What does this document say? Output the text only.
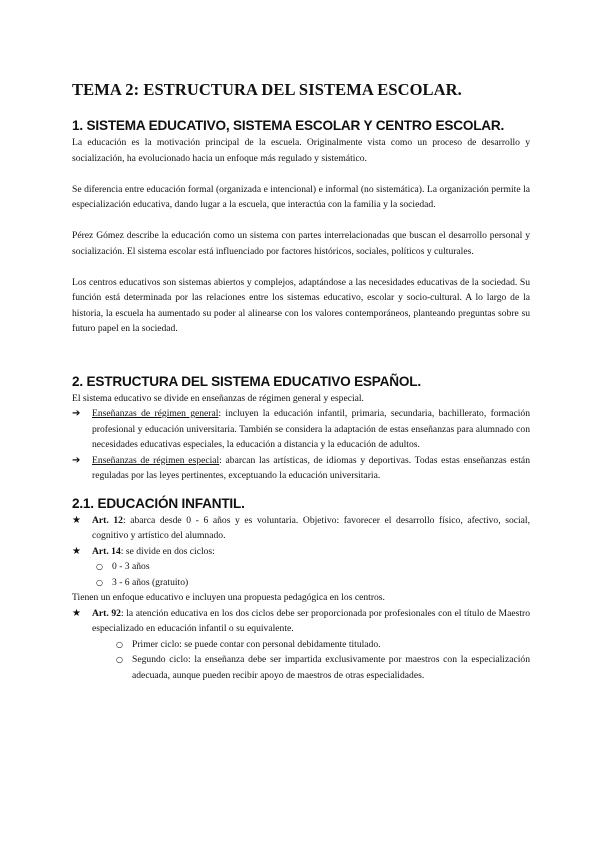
TEMA 2: ESTRUCTURA DEL SISTEMA ESCOLAR.
1. SISTEMA EDUCATIVO, SISTEMA ESCOLAR Y CENTRO ESCOLAR.

La educación es la motivación principal de la escuela. Originalmente vista como un proceso de desarrollo y socialización, ha evolucionado hacia un enfoque más regulado y sistemático.

Se diferencia entre educación formal (organizada e intencional) e informal (no sistemática). La organización permite la especialización educativa, dando lugar a la escuela, que interactúa con la familia y la sociedad.

Pérez Gómez describe la educación como un sistema con partes interrelacionadas que buscan el desarrollo personal y socialización. El sistema escolar está influenciado por factores históricos, sociales, políticos y culturales.

Los centros educativos son sistemas abiertos y complejos, adaptándose a las necesidades educativas de la sociedad. Su función está determinada por las relaciones entre los sistemas educativo, escolar y socio-cultural. A lo largo de la historia, la escuela ha aumentado su poder al alinearse con los valores contemporáneos, planteando preguntas sobre su futuro papel en la sociedad.

2. ESTRUCTURA DEL SISTEMA EDUCATIVO ESPAÑOL.

El sistema educativo se divide en enseñanzas de régimen general y especial.

➔ Enseñanzas de régimen general: incluyen la educación infantil, primaria, secundaria, bachillerato, formación profesional y educación universitaria. También se considera la adaptación de estas enseñanzas para alumnado con necesidades educativas especiales, la educación a distancia y la educación de adultos.
➔ Enseñanzas de régimen especial: abarcan las artísticas, de idiomas y deportivas. Todas estas enseñanzas están reguladas por las leyes pertinentes, exceptuando la educación universitaria.
2.1. EDUCACIÓN INFANTIL.
★ Art. 12: abarca desde 0 - 6 años y es voluntaria. Objetivo: favorecer el desarrollo físico, afectivo, social, cognitivo y artístico del alumnado.
★ Art. 14: se divide en dos ciclos:
○ 0 - 3 años
○ 3 - 6 años (gratuito)

Tienen un enfoque educativo e incluyen una propuesta pedagógica en los centros.

★ Art. 92: la atención educativa en los dos ciclos debe ser proporcionada por profesionales con el título de Maestro especializado en educación infantil o su equivalente.
○ Primer ciclo: se puede contar con personal debidamente titulado.
○ Segundo ciclo: la enseñanza debe ser impartida exclusivamente por maestros con la especialización adecuada, aunque pueden recibir apoyo de maestros de otras especialidades.
